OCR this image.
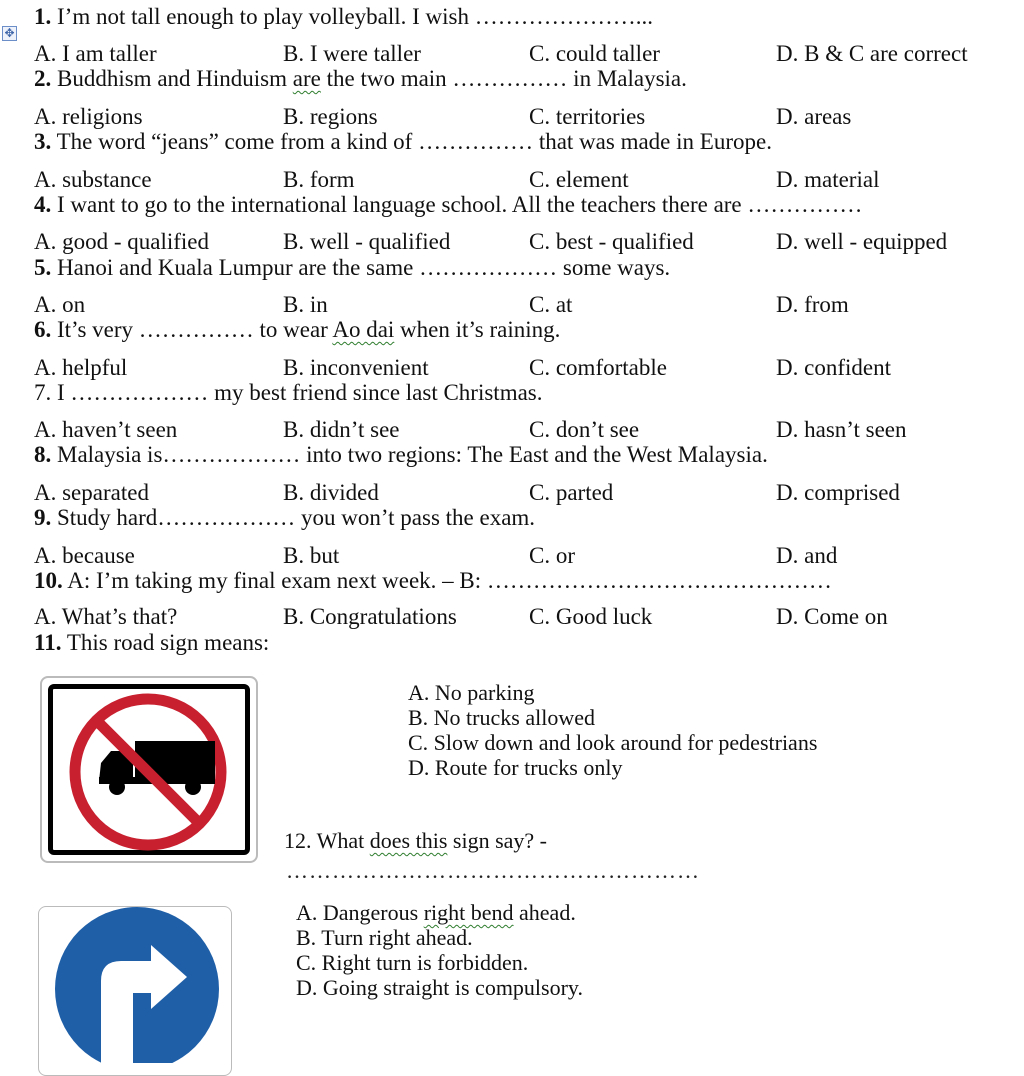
✥
1. I’m not tall enough to play volleyball. I wish …………………...
A. I am taller	B. I were taller	C. could taller	D. B & C are correct
2. Buddhism and Hinduism are the two main …………… in Malaysia.
A. religions	B. regions	C. territories	D. areas
3. The word “jeans” come from a kind of …………… that was made in Europe.
A. substance	B. form	C. element	D. material
4. I want to go to the international language school. All the teachers there are ……………
A. good - qualified	B. well - qualified	C. best - qualified	D. well - equipped
5. Hanoi and Kuala Lumpur are the same ……………… some ways.
A. on	B. in	C. at	D. from
6. It’s very …………… to wear Ao dai when it’s raining.
A. helpful	B. inconvenient	C. comfortable	D. confident
7. I ……………… my best friend since last Christmas.
A. haven’t seen	B. didn’t see	C. don’t see	D. hasn’t seen
8. Malaysia is……………… into two regions: The East and the West Malaysia.
A. separated	B. divided	C. parted	D. comprised
9. Study hard……………… you won’t pass the exam.
A. because	B. but	C. or	D. and
10. A: I’m taking my final exam next week. – B: ………………………………………
A. What’s that?	B. Congratulations	C. Good luck	D. Come on
11. This road sign means:
A. No parking
B. No trucks allowed
C. Slow down and look around for pedestrians
D. Route for trucks only
12. What does this sign say? -
………………………………………………
A. Dangerous right bend ahead.
B. Turn right ahead.
C. Right turn is forbidden.
D. Going straight is compulsory.
